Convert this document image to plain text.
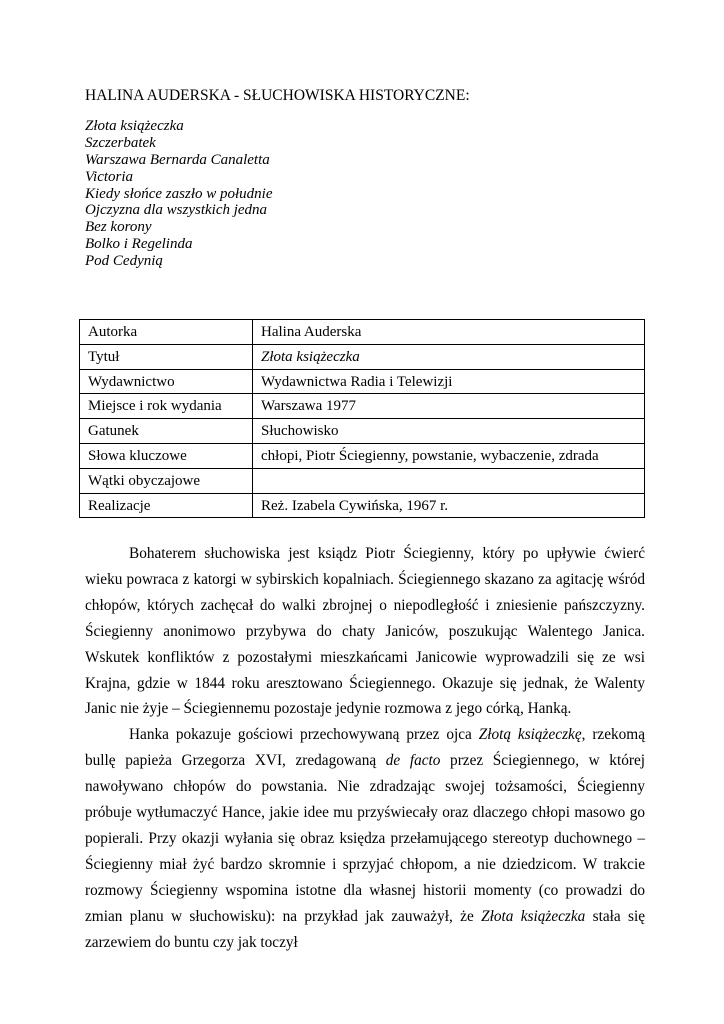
HALINA AUDERSKA - SŁUCHOWISKA HISTORYCZNE:
Złota książeczka
Szczerbatek
Warszawa Bernarda Canaletta
Victoria
Kiedy słońce zaszło w południe
Ojczyzna dla wszystkich jedna
Bez korony
Bolko i Regelinda
Pod Cedynią
Autorka	Halina Auderska
Tytuł	Złota książeczka
Wydawnictwo	Wydawnictwa Radia i Telewizji
Miejsce i rok wydania	Warszawa 1977
Gatunek	Słuchowisko
Słowa kluczowe	chłopi, Piotr Ściegienny, powstanie, wybaczenie, zdrada
Wątki obyczajowe	
Realizacje	Reż. Izabela Cywińska, 1967 r.

Bohaterem słuchowiska jest ksiądz Piotr Ściegienny, który po upływie ćwierć wieku powraca z katorgi w sybirskich kopalniach. Ściegiennego skazano za agitację wśród chłopów, których zachęcał do walki zbrojnej o niepodległość i zniesienie pańszczyzny. Ściegienny anonimowo przybywa do chaty Janiców, poszukując Walentego Janica. Wskutek konfliktów z pozostałymi mieszkańcami Janicowie wyprowadzili się ze wsi Krajna, gdzie w 1844 roku aresztowano Ściegiennego. Okazuje się jednak, że Walenty Janic nie żyje – Ściegiennemu pozostaje jedynie rozmowa z jego córką, Hanką.

Hanka pokazuje gościowi przechowywaną przez ojca Złotą książeczkę, rzekomą bullę papieża Grzegorza XVI, zredagowaną de facto przez Ściegiennego, w której nawoływano chłopów do powstania. Nie zdradzając swojej tożsamości, Ściegienny próbuje wytłumaczyć Hance, jakie idee mu przyświecały oraz dlaczego chłopi masowo go popierali. Przy okazji wyłania się obraz księdza przełamującego stereotyp duchownego – Ściegienny miał żyć bardzo skromnie i sprzyjać chłopom, a nie dziedzicom. W trakcie rozmowy Ściegienny wspomina istotne dla własnej historii momenty (co prowadzi do zmian planu w słuchowisku): na przykład jak zauważył, że Złota książeczka stała się zarzewiem do buntu czy jak toczył
